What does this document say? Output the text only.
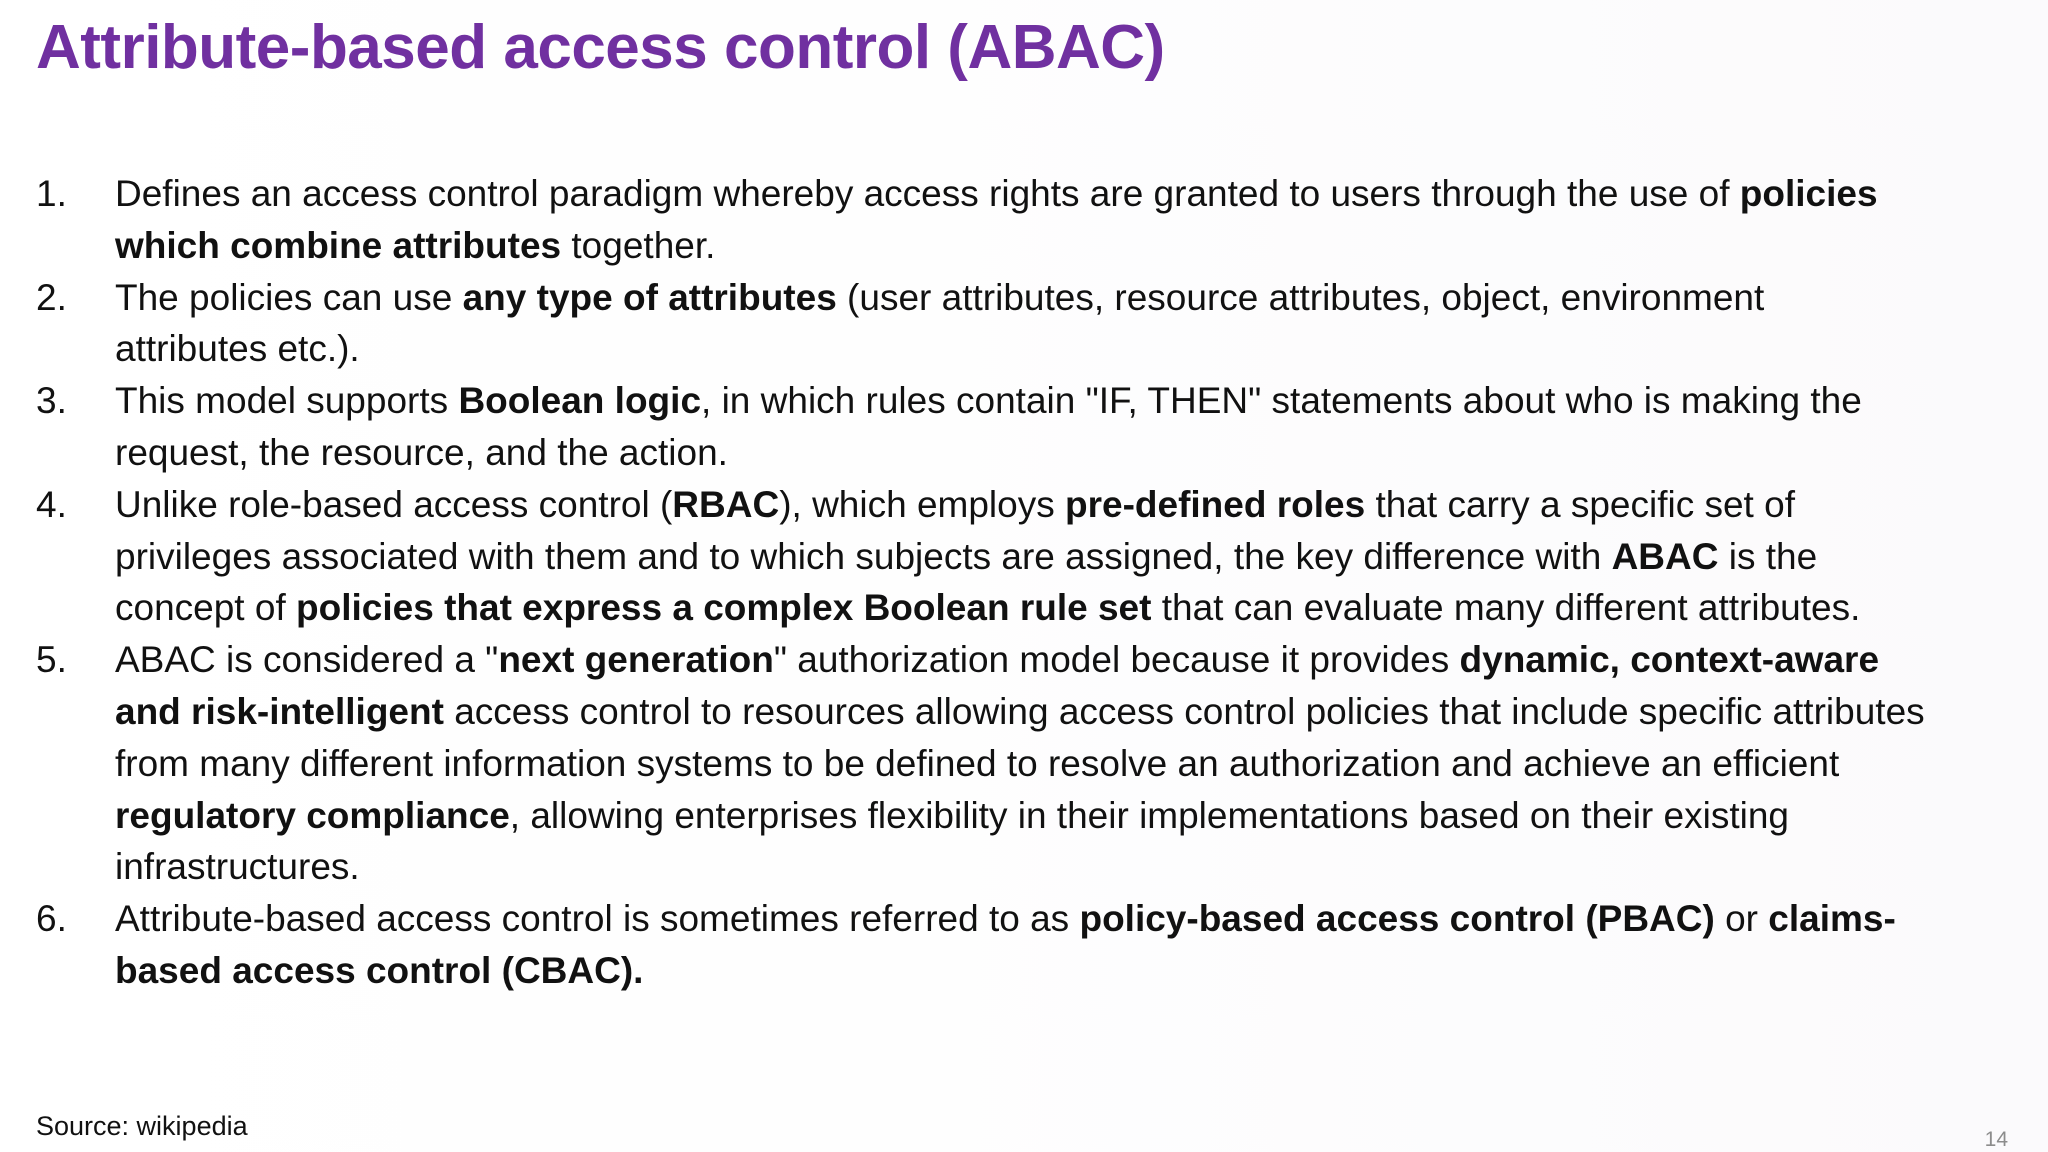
Attribute-based access control (ABAC)
1. Defines an access control paradigm whereby access rights are granted to users through the use of policies
which combine attributes together.
2. The policies can use any type of attributes (user attributes, resource attributes, object, environment
attributes etc.).
3. This model supports Boolean logic, in which rules contain "IF, THEN" statements about who is making the
request, the resource, and the action.
4. Unlike role-based access control (RBAC), which employs pre-defined roles that carry a specific set of
privileges associated with them and to which subjects are assigned, the key difference with ABAC is the
concept of policies that express a complex Boolean rule set that can evaluate many different attributes.
5. ABAC is considered a "next generation" authorization model because it provides dynamic, context-aware
and risk-intelligent access control to resources allowing access control policies that include specific attributes
from many different information systems to be defined to resolve an authorization and achieve an efficient
regulatory compliance, allowing enterprises flexibility in their implementations based on their existing
infrastructures.
6. Attribute-based access control is sometimes referred to as policy-based access control (PBAC) or claims-
based access control (CBAC).
Source: wikipedia	14
